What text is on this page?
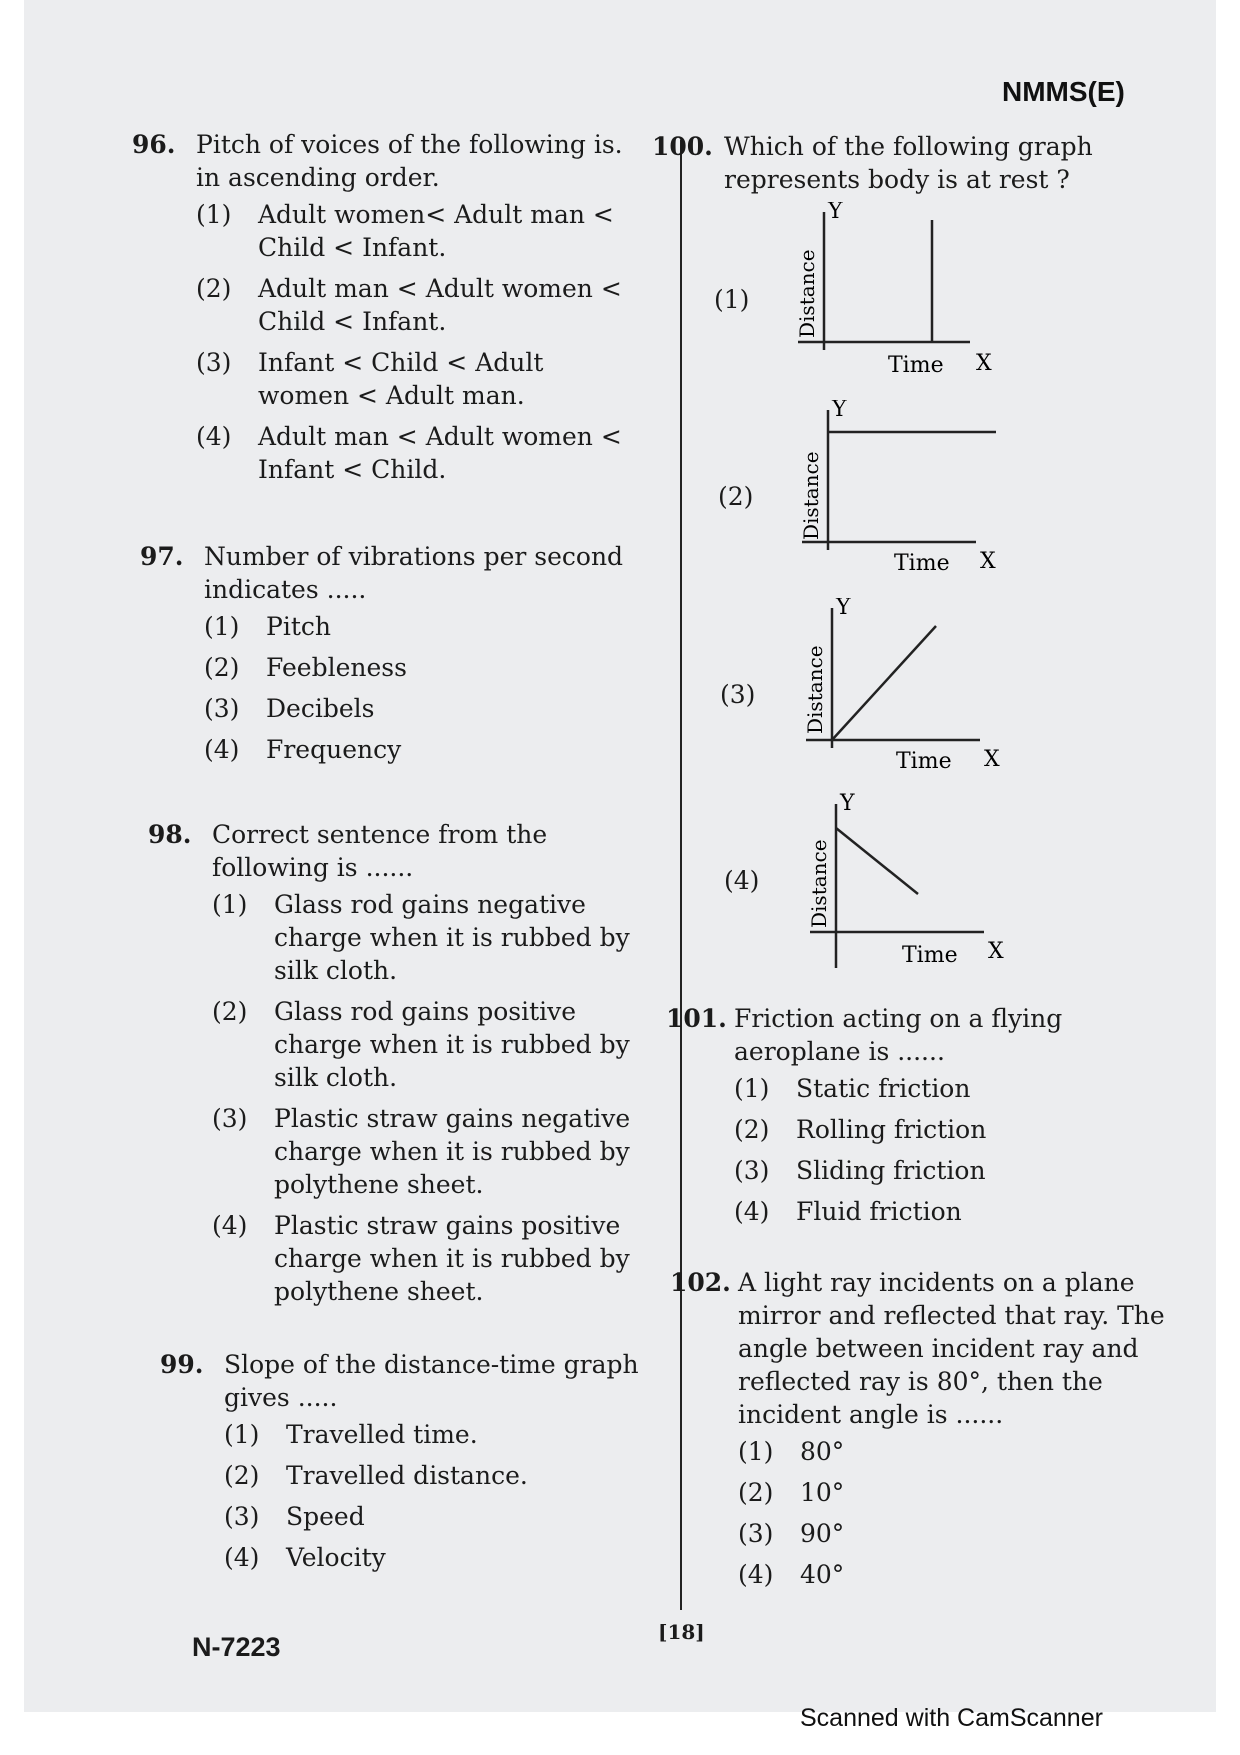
NMMS(E)
96. Pitch of voices of the following is. in ascending order.
(1)	Adult women< Adult man < Child < Infant.
(2)	Adult man < Adult women < Child < Infant.
(3)	Infant < Child < Adult women < Adult man.
(4)	Adult man < Adult women < Infant < Child.
97. Number of vibrations per second indicates .....
(1)	Pitch
(2)	Feebleness
(3)	Decibels
(4)	Frequency
98. Correct sentence from the following is ......
(1)	Glass rod gains negative charge when it is rubbed by silk cloth.
(2)	Glass rod gains positive charge when it is rubbed by silk cloth.
(3)	Plastic straw gains negative charge when it is rubbed by polythene sheet.
(4)	Plastic straw gains positive charge when it is rubbed by polythene sheet.
99. Slope of the distance-time graph gives .....
(1)	Travelled time.
(2)	Travelled distance.
(3)	Speed
(4)	Velocity
100. Which of the following graph represents body is at rest ?
(1)
(2)
(3)
(4)
Y
X
Time
Distance
Y
X
Time
Distance
Y
X
Time
Distance
Y
X
Time
Distance
101. Friction acting on a flying aeroplane is ......
(1)	Static friction
(2)	Rolling friction
(3)	Sliding friction
(4)	Fluid friction
102. A light ray incidents on a plane mirror and reflected that ray. The angle between incident ray and reflected ray is 80°, then the incident angle is ......
(1)	80°
(2)	10°
(3)	90°
(4)	40°
[18]
N-7223
Scanned with CamScanner
